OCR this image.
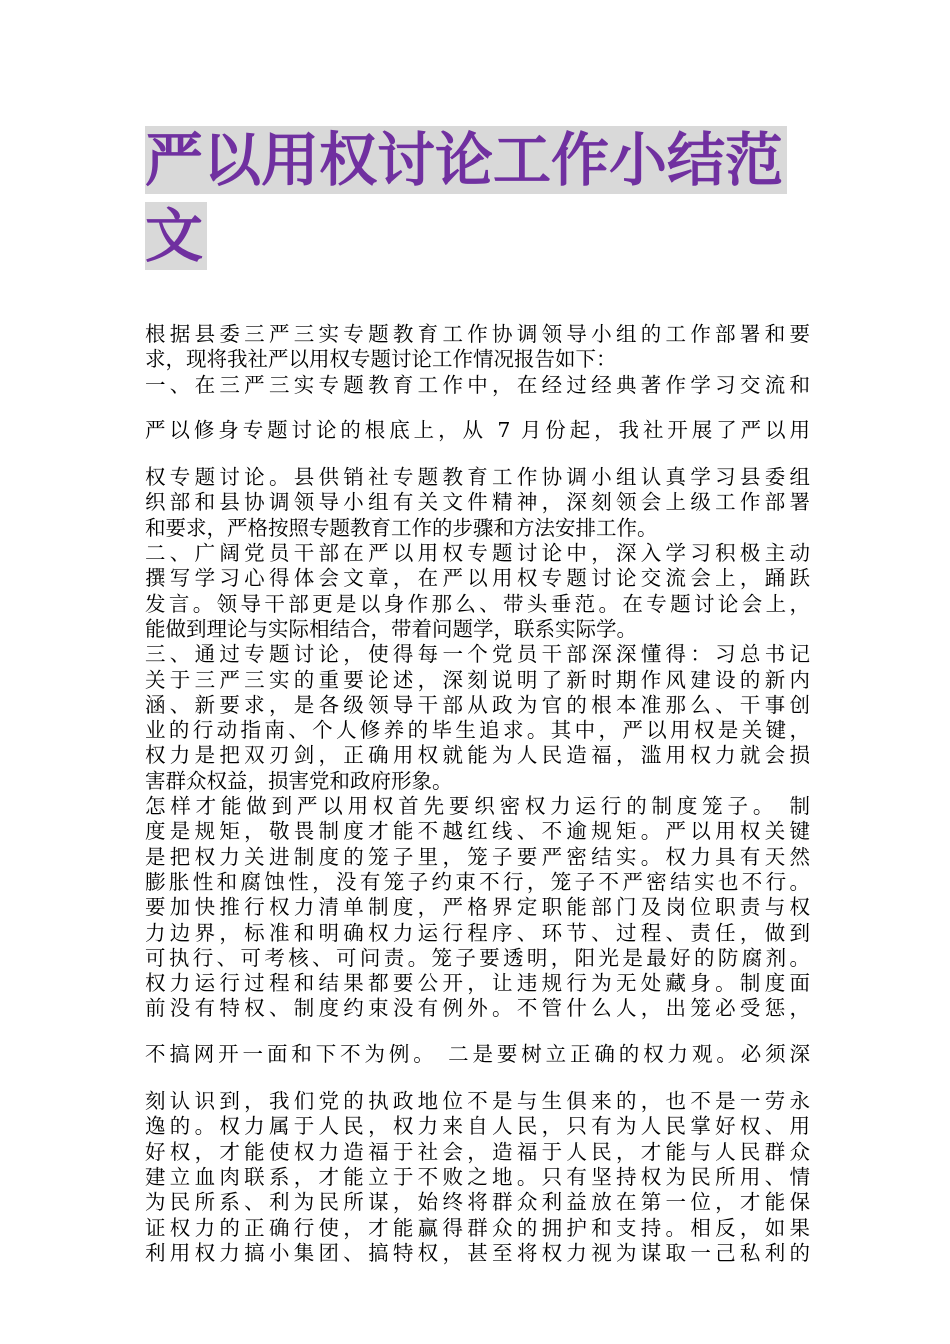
严以用权讨论工作小结范
文
根据县委三严三实专题教育工作协调领导小组的工作部署和要
求，现将我社严以用权专题讨论工作情况报告如下：
一、在三严三实专题教育工作中，在经过经典著作学习交流和
严以修身专题讨论的根底上，从 7 月份起，我社开展了严以用
权专题讨论。县供销社专题教育工作协调小组认真学习县委组
织部和县协调领导小组有关文件精神，深刻领会上级工作部署
和要求，严格按照专题教育工作的步骤和方法安排工作。
二、广阔党员干部在严以用权专题讨论中，深入学习积极主动
撰写学习心得体会文章，在严以用权专题讨论交流会上，踊跃
发言。领导干部更是以身作那么、带头垂范。在专题讨论会上，
能做到理论与实际相结合，带着问题学，联系实际学。
三、通过专题讨论，使得每一个党员干部深深懂得：习总书记
关于三严三实的重要论述，深刻说明了新时期作风建设的新内
涵、新要求，是各级领导干部从政为官的根本准那么、干事创
业的行动指南、个人修养的毕生追求。其中，严以用权是关键，
权力是把双刃剑，正确用权就能为人民造福，滥用权力就会损
害群众权益，损害党和政府形象。
怎样才能做到严以用权首先要织密权力运行的制度笼子。 制
度是规矩，敬畏制度才能不越红线、不逾规矩。严以用权关键
是把权力关进制度的笼子里，笼子要严密结实。权力具有天然
膨胀性和腐蚀性，没有笼子约束不行，笼子不严密结实也不行。
要加快推行权力清单制度，严格界定职能部门及岗位职责与权
力边界，标准和明确权力运行程序、环节、过程、责任，做到
可执行、可考核、可问责。笼子要透明，阳光是最好的防腐剂。
权力运行过程和结果都要公开，让违规行为无处藏身。制度面
前没有特权、制度约束没有例外。不管什么人，出笼必受惩，
不搞网开一面和下不为例。 二是要树立正确的权力观。必须深
刻认识到，我们党的执政地位不是与生俱来的，也不是一劳永
逸的。权力属于人民，权力来自人民，只有为人民掌好权、用
好权，才能使权力造福于社会，造福于人民，才能与人民群众
建立血肉联系，才能立于不败之地。只有坚持权为民所用、情
为民所系、利为民所谋，始终将群众利益放在第一位，才能保
证权力的正确行使，才能赢得群众的拥护和支持。相反，如果
利用权力搞小集团、搞特权，甚至将权力视为谋取一己私利的
